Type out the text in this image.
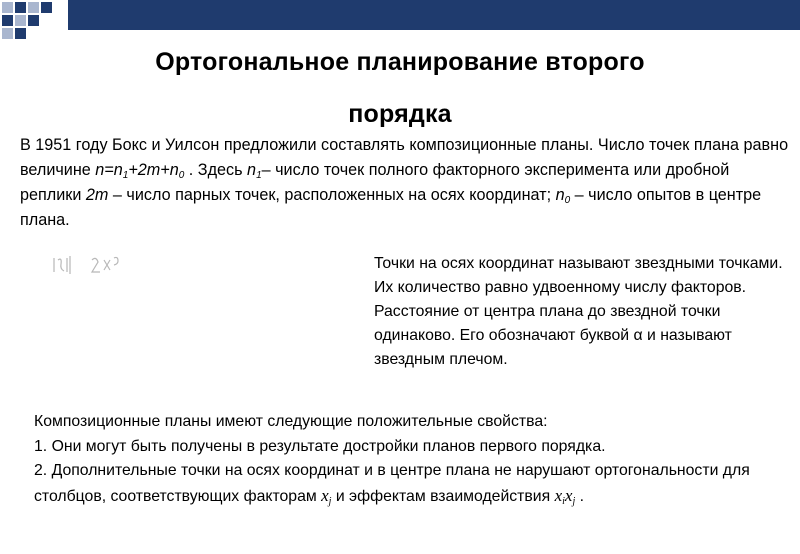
Ортогональное планирование второго
порядка
В 1951 году Бокс и Уилсон предложили составлять композиционные планы. Число точек плана равно величине $n=n_1+2m+n_0$ . Здесь $n_1-$ число точек полного факторного эксперимента или дробной реплики 2m – число парных точек, расположенных на осях координат; $n_0$ – число опытов в центре плана.
Точки на осях координат называют звездными точками. Их количество равно удвоенному числу факторов. Расстояние от центра плана до звездной точки одинаково. Его обозначают буквой α и называют звездным плечом.
Композиционные планы имеют следующие положительные свойства:
1. Они могут быть получены в результате достройки планов первого порядка.
2. Дополнительные точки на осях координат и в центре плана не нарушают ортогональности для столбцов, соответствующих факторам $x_j$ и эффектам взаимодействия $x_ix_j$ .
